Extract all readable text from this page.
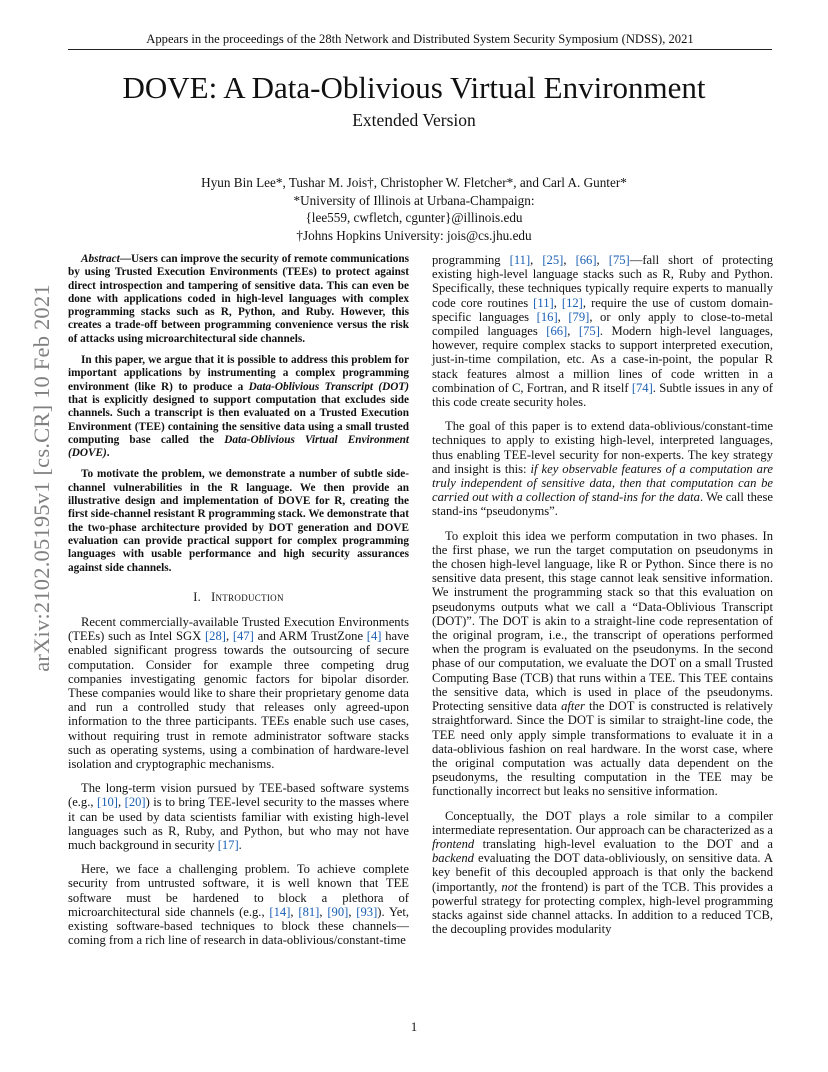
Appears in the proceedings of the 28th Network and Distributed System Security Symposium (NDSS), 2021
arXiv:2102.05195v1 [cs.CR] 10 Feb 2021
DOVE: A Data-Oblivious Virtual Environment
Extended Version
Hyun Bin Lee*, Tushar M. Jois†, Christopher W. Fletcher*, and Carl A. Gunter*
*University of Illinois at Urbana-Champaign:
{lee559, cwfletch, cgunter}@illinois.edu
†Johns Hopkins University: jois@cs.jhu.edu

Abstract—Users can improve the security of remote communications by using Trusted Execution Environments (TEEs) to protect against direct introspection and tampering of sensitive data. This can even be done with applications coded in high-level languages with complex programming stacks such as R, Python, and Ruby. However, this creates a trade-off between programming convenience versus the risk of attacks using microarchitectural side channels.

In this paper, we argue that it is possible to address this problem for important applications by instrumenting a complex programming environment (like R) to produce a Data-Oblivious Transcript (DOT) that is explicitly designed to support computation that excludes side channels. Such a transcript is then evaluated on a Trusted Execution Environment (TEE) containing the sensitive data using a small trusted computing base called the Data-Oblivious Virtual Environment (DOVE).

To motivate the problem, we demonstrate a number of subtle side-channel vulnerabilities in the R language. We then provide an illustrative design and implementation of DOVE for R, creating the first side-channel resistant R programming stack. We demonstrate that the two-phase architecture provided by DOT generation and DOVE evaluation can provide practical support for complex programming languages with usable performance and high security assurances against side channels.

I. Introduction

Recent commercially-available Trusted Execution Environments (TEEs) such as Intel SGX [28], [47] and ARM TrustZone [4] have enabled significant progress towards the outsourcing of secure computation. Consider for example three competing drug companies investigating genomic factors for bipolar disorder. These companies would like to share their proprietary genome data and run a controlled study that releases only agreed-upon information to the three participants. TEEs enable such use cases, without requiring trust in remote administrator software stacks such as operating systems, using a combination of hardware-level isolation and cryptographic mechanisms.

The long-term vision pursued by TEE-based software systems (e.g., [10], [20]) is to bring TEE-level security to the masses where it can be used by data scientists familiar with existing high-level languages such as R, Ruby, and Python, but who may not have much background in security [17].

Here, we face a challenging problem. To achieve complete security from untrusted software, it is well known that TEE software must be hardened to block a plethora of microarchitectural side channels (e.g., [14], [81], [90], [93]). Yet, existing software-based techniques to block these channels—coming from a rich line of research in data-oblivious/constant-time

programming [11], [25], [66], [75]—fall short of protecting existing high-level language stacks such as R, Ruby and Python. Specifically, these techniques typically require experts to manually code core routines [11], [12], require the use of custom domain-specific languages [16], [79], or only apply to close-to-metal compiled languages [66], [75]. Modern high-level languages, however, require complex stacks to support interpreted execution, just-in-time compilation, etc. As a case-in-point, the popular R stack features almost a million lines of code written in a combination of C, Fortran, and R itself [74]. Subtle issues in any of this code create security holes.

The goal of this paper is to extend data-oblivious/constant-time techniques to apply to existing high-level, interpreted languages, thus enabling TEE-level security for non-experts. The key strategy and insight is this: if key observable features of a computation are truly independent of sensitive data, then that computation can be carried out with a collection of stand-ins for the data. We call these stand-ins “pseudonyms”.

To exploit this idea we perform computation in two phases. In the first phase, we run the target computation on pseudonyms in the chosen high-level language, like R or Python. Since there is no sensitive data present, this stage cannot leak sensitive information. We instrument the programming stack so that this evaluation on pseudonyms outputs what we call a “Data-Oblivious Transcript (DOT)”. The DOT is akin to a straight-line code representation of the original program, i.e., the transcript of operations performed when the program is evaluated on the pseudonyms. In the second phase of our computation, we evaluate the DOT on a small Trusted Computing Base (TCB) that runs within a TEE. This TEE contains the sensitive data, which is used in place of the pseudonyms. Protecting sensitive data after the DOT is constructed is relatively straightforward. Since the DOT is similar to straight-line code, the TEE need only apply simple transformations to evaluate it in a data-oblivious fashion on real hardware. In the worst case, where the original computation was actually data dependent on the pseudonyms, the resulting computation in the TEE may be functionally incorrect but leaks no sensitive information.

Conceptually, the DOT plays a role similar to a compiler intermediate representation. Our approach can be characterized as a frontend translating high-level evaluation to the DOT and a backend evaluating the DOT data-obliviously, on sensitive data. A key benefit of this decoupled approach is that only the backend (importantly, not the frontend) is part of the TCB. This provides a powerful strategy for protecting complex, high-level programming stacks against side channel attacks. In addition to a reduced TCB, the decoupling provides modularity

1
